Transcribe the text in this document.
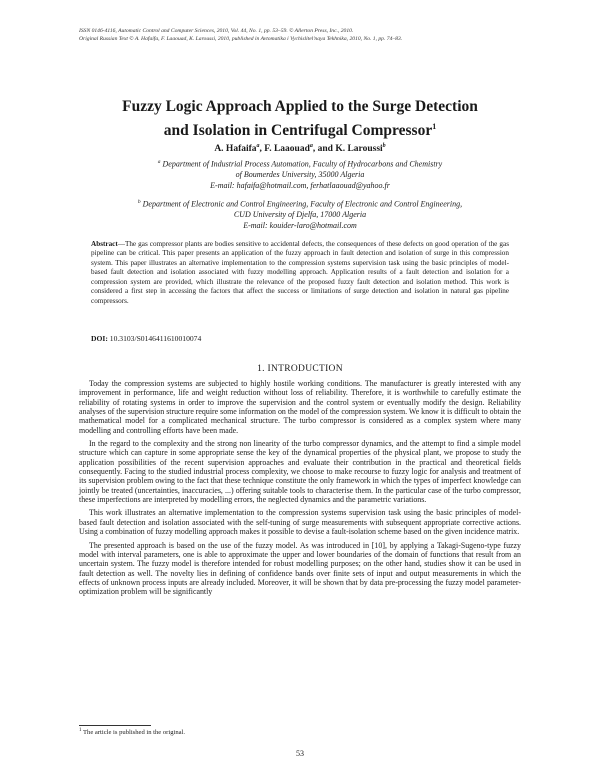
ISSN 0146-4116, Automatic Control and Computer Sciences, 2010, Vol. 44, No. 1, pp. 53–59. © Allerton Press, Inc., 2010.
Original Russian Text © A. Hafaifa, F. Laaouad, K. Laroussi, 2010, published in Avtomatika i Vychislitel'naya Tekhnika, 2010, No. 1, pp. 74–83.
Fuzzy Logic Approach Applied to the Surge Detection
and Isolation in Centrifugal Compressor$^1$
A. Hafaifa$^a$, F. Laaouad$^a$, and K. Laroussi$^b$
$^a$ Department of Industrial Process Automation, Faculty of Hydrocarbons and Chemistry
of Boumerdes University, 35000 Algeria
E-mail: hafaifa@hotmail.com, ferhatlaaouad@yahoo.fr
$^b$ Department of Electronic and Control Engineering, Faculty of Electronic and Control Engineering,
CUD University of Djelfa, 17000 Algeria
E-mail: kouider-laro@hotmail.com
Abstract—The gas compressor plants are bodies sensitive to accidental defects, the consequences of these defects on good operation of the gas pipeline can be critical. This paper presents an application of the fuzzy approach in fault detection and isolation of surge in this compression system. This paper illustrates an alternative implementation to the compression systems supervision task using the basic principles of model-based fault detection and isolation associated with fuzzy modelling approach. Application results of a fault detection and isolation for a compression system are provided, which illustrate the relevance of the proposed fuzzy fault detection and isolation method. This work is considered a first step in accessing the factors that affect the success or limitations of surge detection and isolation in natural gas pipeline compressors.
DOI: 10.3103/S0146411610010074
1. INTRODUCTION

Today the compression systems are subjected to highly hostile working conditions. The manufacturer is greatly interested with any improvement in performance, life and weight reduction without loss of reliability. Therefore, it is worthwhile to carefully estimate the reliability of rotating systems in order to improve the supervision and the control system or eventually modify the design. Reliability analyses of the supervision structure require some information on the model of the compression system. We know it is difficult to obtain the mathematical model for a complicated mechanical structure. The turbo compressor is considered as a complex system where many modelling and controlling efforts have been made.

In the regard to the complexity and the strong non linearity of the turbo compressor dynamics, and the attempt to find a simple model structure which can capture in some appropriate sense the key of the dynamical properties of the physical plant, we propose to study the application possibilities of the recent supervision approaches and evaluate their contribution in the practical and theoretical fields consequently. Facing to the studied industrial process complexity, we choose to make recourse to fuzzy logic for analysis and treatment of its supervision problem owing to the fact that these technique constitute the only framework in which the types of imperfect knowledge can jointly be treated (uncertainties, inaccuracies, ...) offering suitable tools to characterise them. In the particular case of the turbo compressor, these imperfections are interpreted by modelling errors, the neglected dynamics and the parametric variations.

This work illustrates an alternative implementation to the compression systems supervision task using the basic principles of model-based fault detection and isolation associated with the self-tuning of surge measurements with subsequent appropriate corrective actions. Using a combination of fuzzy modelling approach makes it possible to devise a fault-isolation scheme based on the given incidence matrix.

The presented approach is based on the use of the fuzzy model. As was introduced in [10], by applying a Takagi-Sugeno-type fuzzy model with interval parameters, one is able to approximate the upper and lower boundaries of the domain of functions that result from an uncertain system. The fuzzy model is therefore intended for robust modelling purposes; on the other hand, studies show it can be used in fault detection as well. The novelty lies in defining of confidence bands over finite sets of input and output measurements in which the effects of unknown process inputs are already included. Moreover, it will be shown that by data pre-processing the fuzzy model parameter-optimization problem will be significantly

$^1$ The article is published in the original.
53
